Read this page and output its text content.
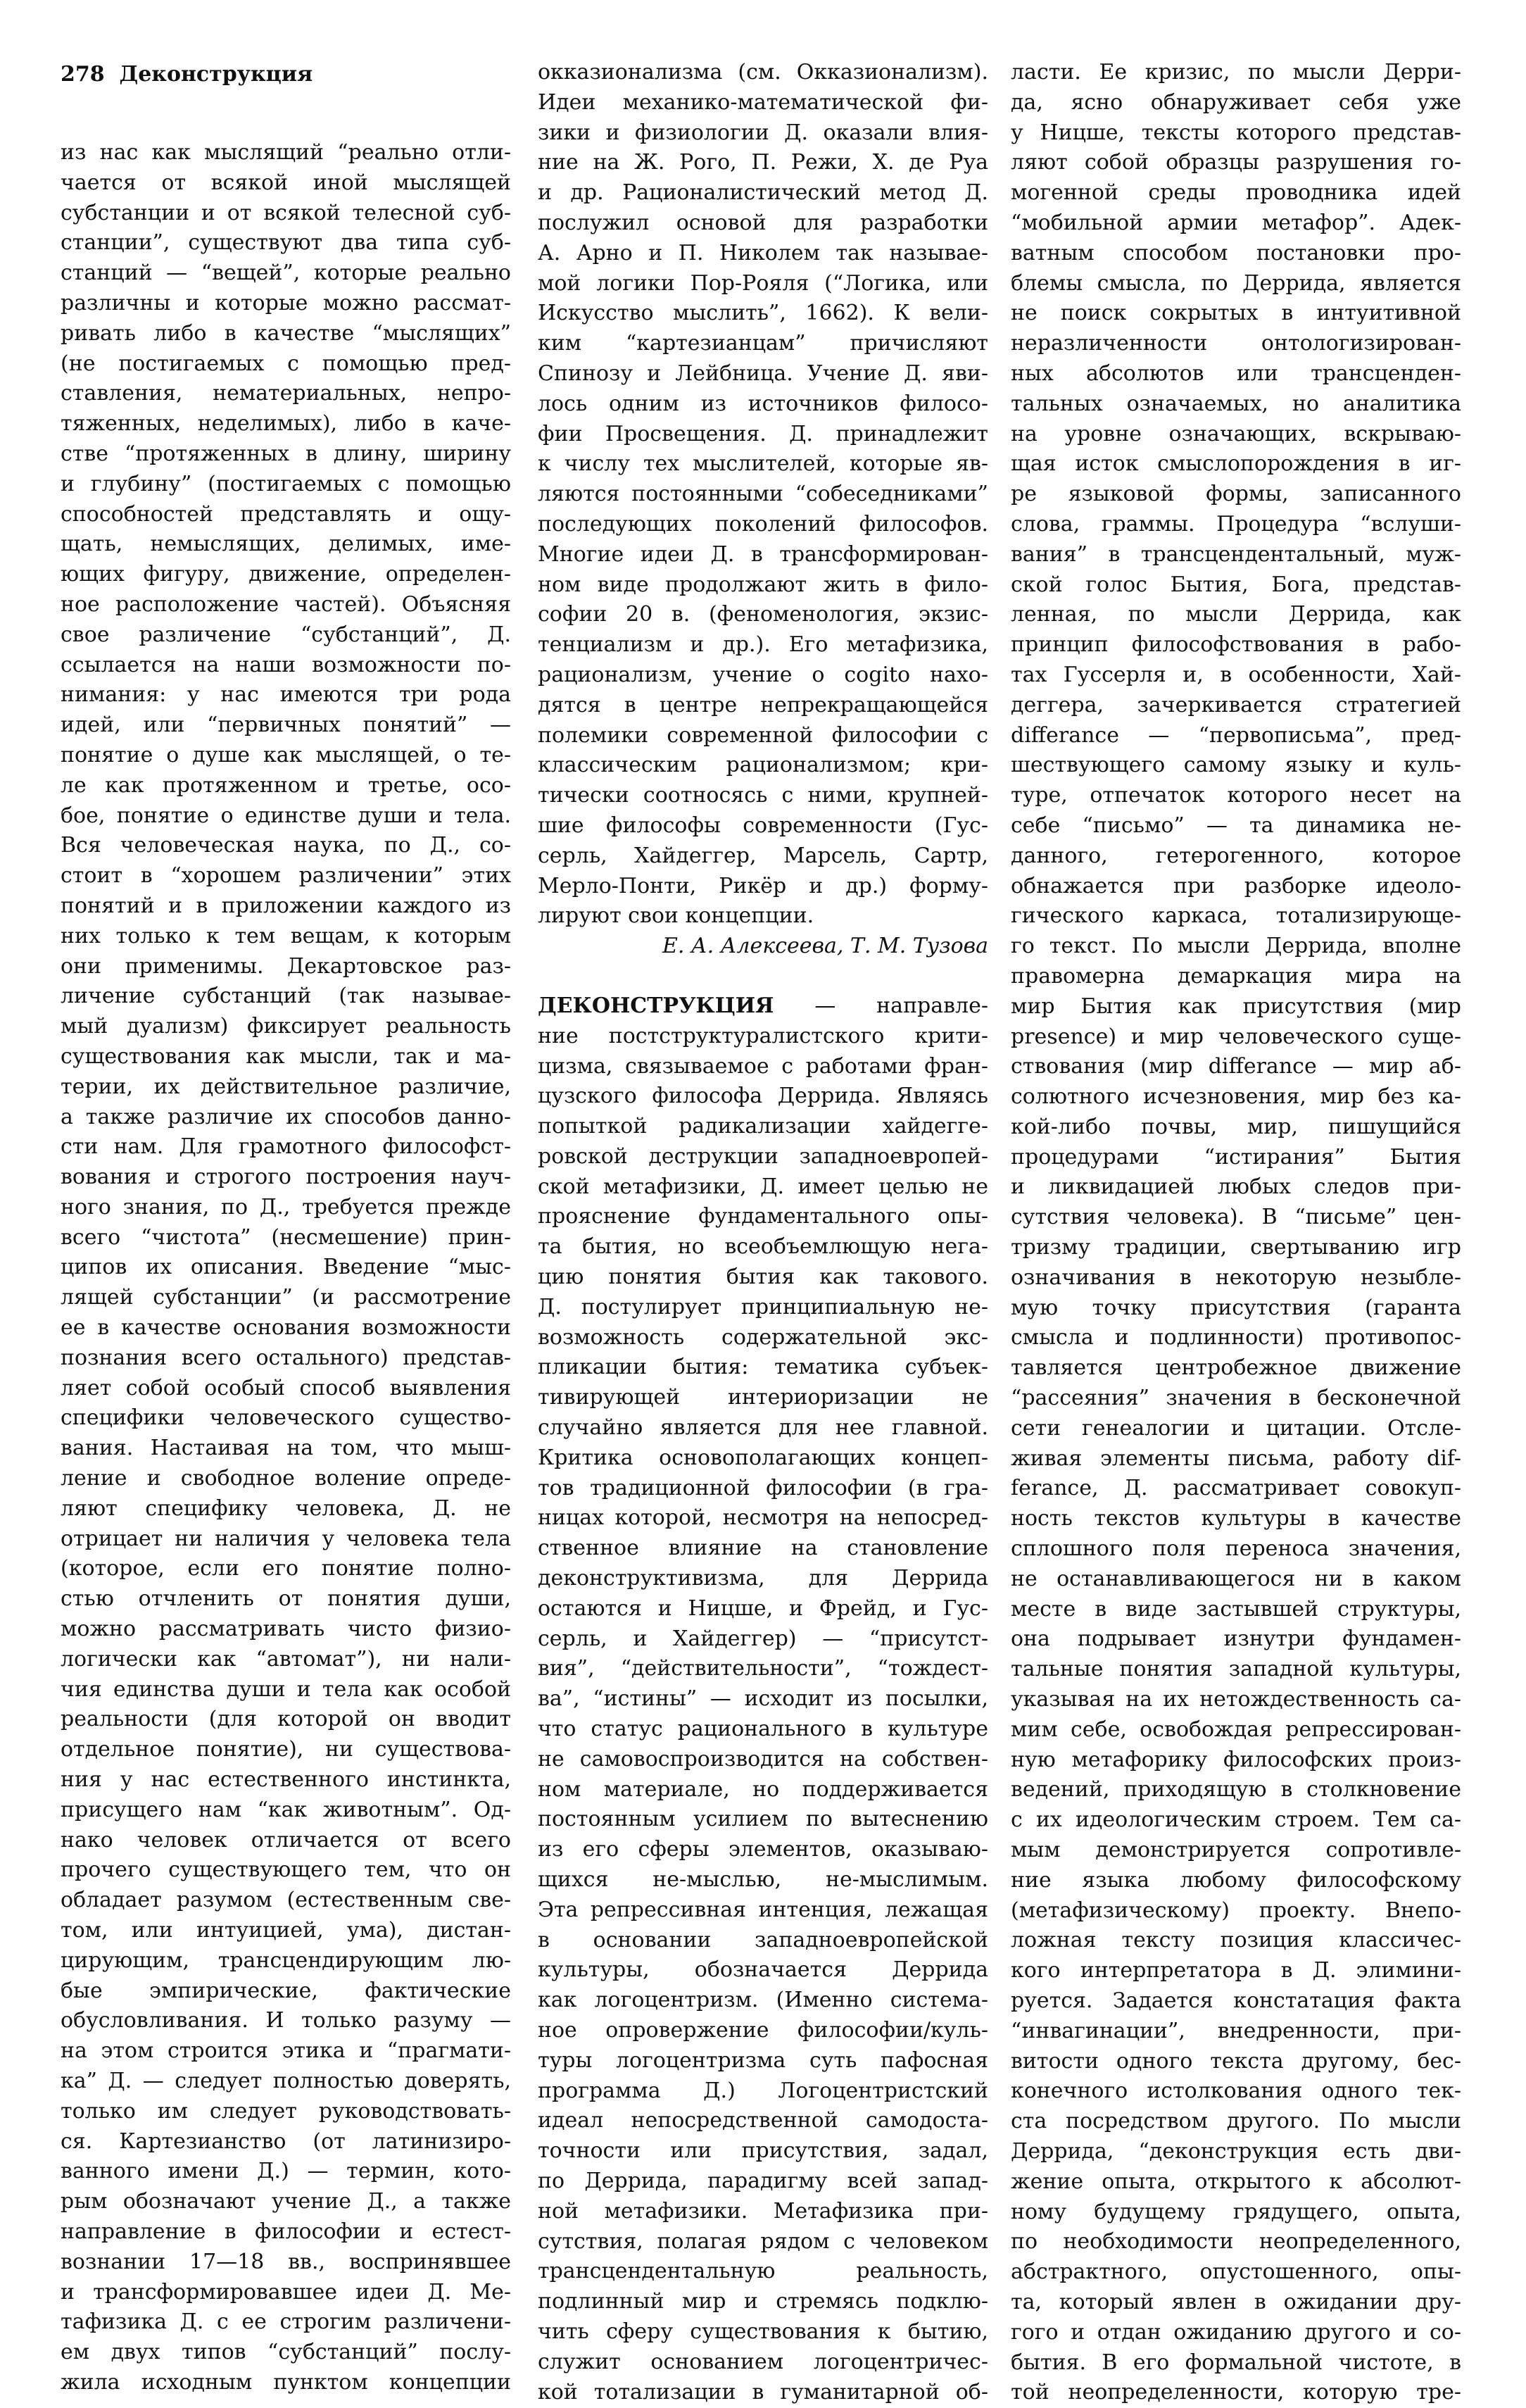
278 Деконструкция
из нас как мыслящий “реально отли-
чается от всякой иной мыслящей
субстанции и от всякой телесной суб-
станции”, существуют два типа суб-
станций — “вещей”, которые реально
различны и которые можно рассмат-
ривать либо в качестве “мыслящих”
(не постигаемых с помощью пред-
ставления, нематериальных, непро-
тяженных, неделимых), либо в каче-
стве “протяженных в длину, ширину
и глубину” (постигаемых с помощью
способностей представлять и ощу-
щать, немыслящих, делимых, име-
ющих фигуру, движение, определен-
ное расположение частей). Объясняя
свое различение “субстанций”, Д.
ссылается на наши возможности по-
нимания: у нас имеются три рода
идей, или “первичных понятий” —
понятие о душе как мыслящей, о те-
ле как протяженном и третье, осо-
бое, понятие о единстве души и тела.
Вся человеческая наука, по Д., со-
стоит в “хорошем различении” этих
понятий и в приложении каждого из
них только к тем вещам, к которым
они применимы. Декартовское раз-
личение субстанций (так называе-
мый дуализм) фиксирует реальность
существования как мысли, так и ма-
терии, их действительное различие,
а также различие их способов данно-
сти нам. Для грамотного философст-
вования и строгого построения науч-
ного знания, по Д., требуется прежде
всего “чистота” (несмешение) прин-
ципов их описания. Введение “мыс-
лящей субстанции” (и рассмотрение
ее в качестве основания возможности
познания всего остального) представ-
ляет собой особый способ выявления
специфики человеческого существо-
вания. Настаивая на том, что мыш-
ление и свободное воление опреде-
ляют специфику человека, Д. не
отрицает ни наличия у человека тела
(которое, если его понятие полно-
стью отчленить от понятия души,
можно рассматривать чисто физио-
логически как “автомат”), ни нали-
чия единства души и тела как особой
реальности (для которой он вводит
отдельное понятие), ни существова-
ния у нас естественного инстинкта,
присущего нам “как животным”. Од-
нако человек отличается от всего
прочего существующего тем, что он
обладает разумом (естественным све-
том, или интуицией, ума), дистан-
цирующим, трансцендирующим лю-
бые эмпирические, фактические
обусловливания. И только разуму —
на этом строится этика и “прагмати-
ка” Д. — следует полностью доверять,
только им следует руководствовать-
ся. Картезианство (от латинизиро-
ванного имени Д.) — термин, кото-
рым обозначают учение Д., а также
направление в философии и естест-
вознании 17—18 вв., воспринявшее
и трансформировавшее идеи Д. Ме-
тафизика Д. с ее строгим различени-
ем двух типов “субстанций” послу-
жила исходным пунктом концепции
окказионализма (см. Окказионализм).
Идеи механико-математической фи-
зики и физиологии Д. оказали влия-
ние на Ж. Рого, П. Режи, Х. де Руа
и др. Рационалистический метод Д.
послужил основой для разработки
А. Арно и П. Николем так называе-
мой логики Пор-Рояля (“Логика, или
Искусство мыслить”, 1662). К вели-
ким “картезианцам” причисляют
Спинозу и Лейбница. Учение Д. яви-
лось одним из источников филосо-
фии Просвещения. Д. принадлежит
к числу тех мыслителей, которые яв-
ляются постоянными “собеседниками”
последующих поколений философов.
Многие идеи Д. в трансформирован-
ном виде продолжают жить в фило-
софии 20 в. (феноменология, экзис-
тенциализм и др.). Его метафизика,
рационализм, учение о cogito нахо-
дятся в центре непрекращающейся
полемики современной философии с
классическим рационализмом; кри-
тически соотносясь с ними, крупней-
шие философы современности (Гус-
серль, Хайдеггер, Марсель, Сартр,
Мерло-Понти, Рикёр и др.) форму-
лируют свои концепции.
Е. А. Алексеева, Т. М. Тузова
ДЕКОНСТРУКЦИЯ — направле-
ние постструктуралистского крити-
цизма, связываемое с работами фран-
цузского философа Деррида. Являясь
попыткой радикализации хайдегге-
ровской деструкции западноевропей-
ской метафизики, Д. имеет целью не
прояснение фундаментального опы-
та бытия, но всеобъемлющую нега-
цию понятия бытия как такового.
Д. постулирует принципиальную не-
возможность содержательной экс-
пликации бытия: тематика субъек-
тивирующей интериоризации не
случайно является для нее главной.
Критика основополагающих концеп-
тов традиционной философии (в гра-
ницах которой, несмотря на непосред-
ственное влияние на становление
деконструктивизма, для Деррида
остаются и Ницше, и Фрейд, и Гус-
серль, и Хайдеггер) — “присутст-
вия”, “действительности”, “тождест-
ва”, “истины” — исходит из посылки,
что статус рационального в культуре
не самовоспроизводится на собствен-
ном материале, но поддерживается
постоянным усилием по вытеснению
из его сферы элементов, оказываю-
щихся не-мыслью, не-мыслимым.
Эта репрессивная интенция, лежащая
в основании западноевропейской
культуры, обозначается Деррида
как логоцентризм. (Именно система-
ное опровержение философии/куль-
туры логоцентризма суть пафосная
программа Д.) Логоцентристский
идеал непосредственной самодоста-
точности или присутствия, задал,
по Деррида, парадигму всей запад-
ной метафизики. Метафизика при-
сутствия, полагая рядом с человеком
трансцендентальную реальность,
подлинный мир и стремясь подклю-
чить сферу существования к бытию,
служит основанием логоцентричес-
кой тотализации в гуманитарной об-
ласти. Ее кризис, по мысли Дерри-
да, ясно обнаруживает себя уже
у Ницше, тексты которого представ-
ляют собой образцы разрушения го-
могенной среды проводника идей
“мобильной армии метафор”. Адек-
ватным способом постановки про-
блемы смысла, по Деррида, является
не поиск сокрытых в интуитивной
неразличенности онтологизирован-
ных абсолютов или трансценден-
тальных означаемых, но аналитика
на уровне означающих, вскрываю-
щая исток смыслопорождения в иг-
ре языковой формы, записанного
слова, граммы. Процедура “вслуши-
вания” в трансцендентальный, муж-
ской голос Бытия, Бога, представ-
ленная, по мысли Деррида, как
принцип философствования в рабо-
тах Гуссерля и, в особенности, Хай-
деггера, зачеркивается стратегией
differance — “первописьма”, пред-
шествующего самому языку и куль-
туре, отпечаток которого несет на
себе “письмо” — та динамика не-
данного, гетерогенного, которое
обнажается при разборке идеоло-
гического каркаса, тотализирующе-
го текст. По мысли Деррида, вполне
правомерна демаркация мира на
мир Бытия как присутствия (мир
presence) и мир человеческого суще-
ствования (мир differance — мир аб-
солютного исчезновения, мир без ка-
кой-либо почвы, мир, пишущийся
процедурами “истирания” Бытия
и ликвидацией любых следов при-
сутствия человека). В “письме” цен-
тризму традиции, свертыванию игр
означивания в некоторую незыбле-
мую точку присутствия (гаранта
смысла и подлинности) противопос-
тавляется центробежное движение
“рассеяния” значения в бесконечной
сети генеалогии и цитации. Отсле-
живая элементы письма, работу dif-
ferance, Д. рассматривает совокуп-
ность текстов культуры в качестве
сплошного поля переноса значения,
не останавливающегося ни в каком
месте в виде застывшей структуры,
она подрывает изнутри фундамен-
тальные понятия западной культуры,
указывая на их нетождественность са-
мим себе, освобождая репрессирован-
ную метафорику философских произ-
ведений, приходящую в столкновение
с их идеологическим строем. Тем са-
мым демонстрируется сопротивле-
ние языка любому философскому
(метафизическому) проекту. Внепо-
ложная тексту позиция классичес-
кого интерпретатора в Д. элимини-
руется. Задается констатация факта
“инвагинации”, внедренности, при-
витости одного текста другому, бес-
конечного истолкования одного тек-
ста посредством другого. По мысли
Деррида, “деконструкция есть дви-
жение опыта, открытого к абсолют-
ному будущему грядущего, опыта,
по необходимости неопределенного,
абстрактного, опустошенного, опы-
та, который явлен в ожидании дру-
гого и отдан ожиданию другого и со-
бытия. В его формальной чистоте, в
той неопределенности, которую тре-
